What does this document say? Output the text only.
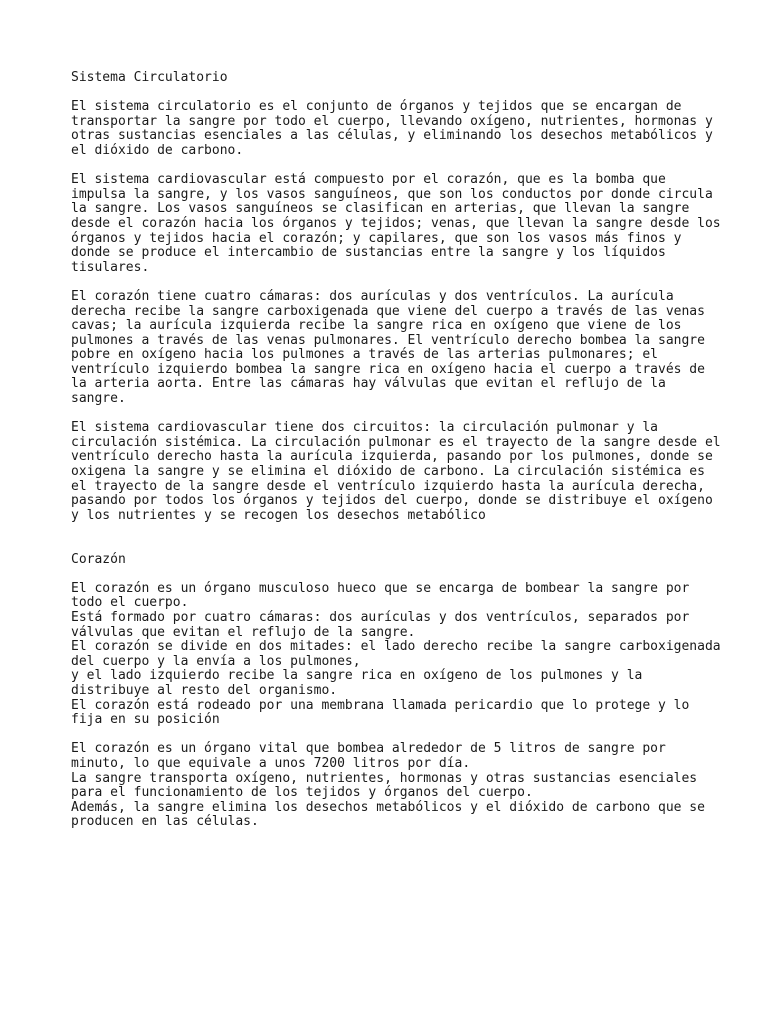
Sistema Circulatorio
El sistema circulatorio es el conjunto de órganos y tejidos que se encargan de
transportar la sangre por todo el cuerpo, llevando oxígeno, nutrientes, hormonas y
otras sustancias esenciales a las células, y eliminando los desechos metabólicos y
el dióxido de carbono.
El sistema cardiovascular está compuesto por el corazón, que es la bomba que
impulsa la sangre, y los vasos sanguíneos, que son los conductos por donde circula
la sangre. Los vasos sanguíneos se clasifican en arterias, que llevan la sangre
desde el corazón hacia los órganos y tejidos; venas, que llevan la sangre desde los
órganos y tejidos hacia el corazón; y capilares, que son los vasos más finos y
donde se produce el intercambio de sustancias entre la sangre y los líquidos
tisulares.
El corazón tiene cuatro cámaras: dos aurículas y dos ventrículos. La aurícula
derecha recibe la sangre carboxigenada que viene del cuerpo a través de las venas
cavas; la aurícula izquierda recibe la sangre rica en oxígeno que viene de los
pulmones a través de las venas pulmonares. El ventrículo derecho bombea la sangre
pobre en oxígeno hacia los pulmones a través de las arterias pulmonares; el
ventrículo izquierdo bombea la sangre rica en oxígeno hacia el cuerpo a través de
la arteria aorta. Entre las cámaras hay válvulas que evitan el reflujo de la
sangre.
El sistema cardiovascular tiene dos circuitos: la circulación pulmonar y la
circulación sistémica. La circulación pulmonar es el trayecto de la sangre desde el
ventrículo derecho hasta la aurícula izquierda, pasando por los pulmones, donde se
oxigena la sangre y se elimina el dióxido de carbono. La circulación sistémica es
el trayecto de la sangre desde el ventrículo izquierdo hasta la aurícula derecha,
pasando por todos los órganos y tejidos del cuerpo, donde se distribuye el oxígeno
y los nutrientes y se recogen los desechos metabólico
Corazón
El corazón es un órgano musculoso hueco que se encarga de bombear la sangre por
todo el cuerpo.
Está formado por cuatro cámaras: dos aurículas y dos ventrículos, separados por
válvulas que evitan el reflujo de la sangre.
El corazón se divide en dos mitades: el lado derecho recibe la sangre carboxigenada
del cuerpo y la envía a los pulmones,
y el lado izquierdo recibe la sangre rica en oxígeno de los pulmones y la
distribuye al resto del organismo.
El corazón está rodeado por una membrana llamada pericardio que lo protege y lo
fija en su posición
El corazón es un órgano vital que bombea alrededor de 5 litros de sangre por
minuto, lo que equivale a unos 7200 litros por día.
La sangre transporta oxígeno, nutrientes, hormonas y otras sustancias esenciales
para el funcionamiento de los tejidos y órganos del cuerpo.
Además, la sangre elimina los desechos metabólicos y el dióxido de carbono que se
producen en las células.
